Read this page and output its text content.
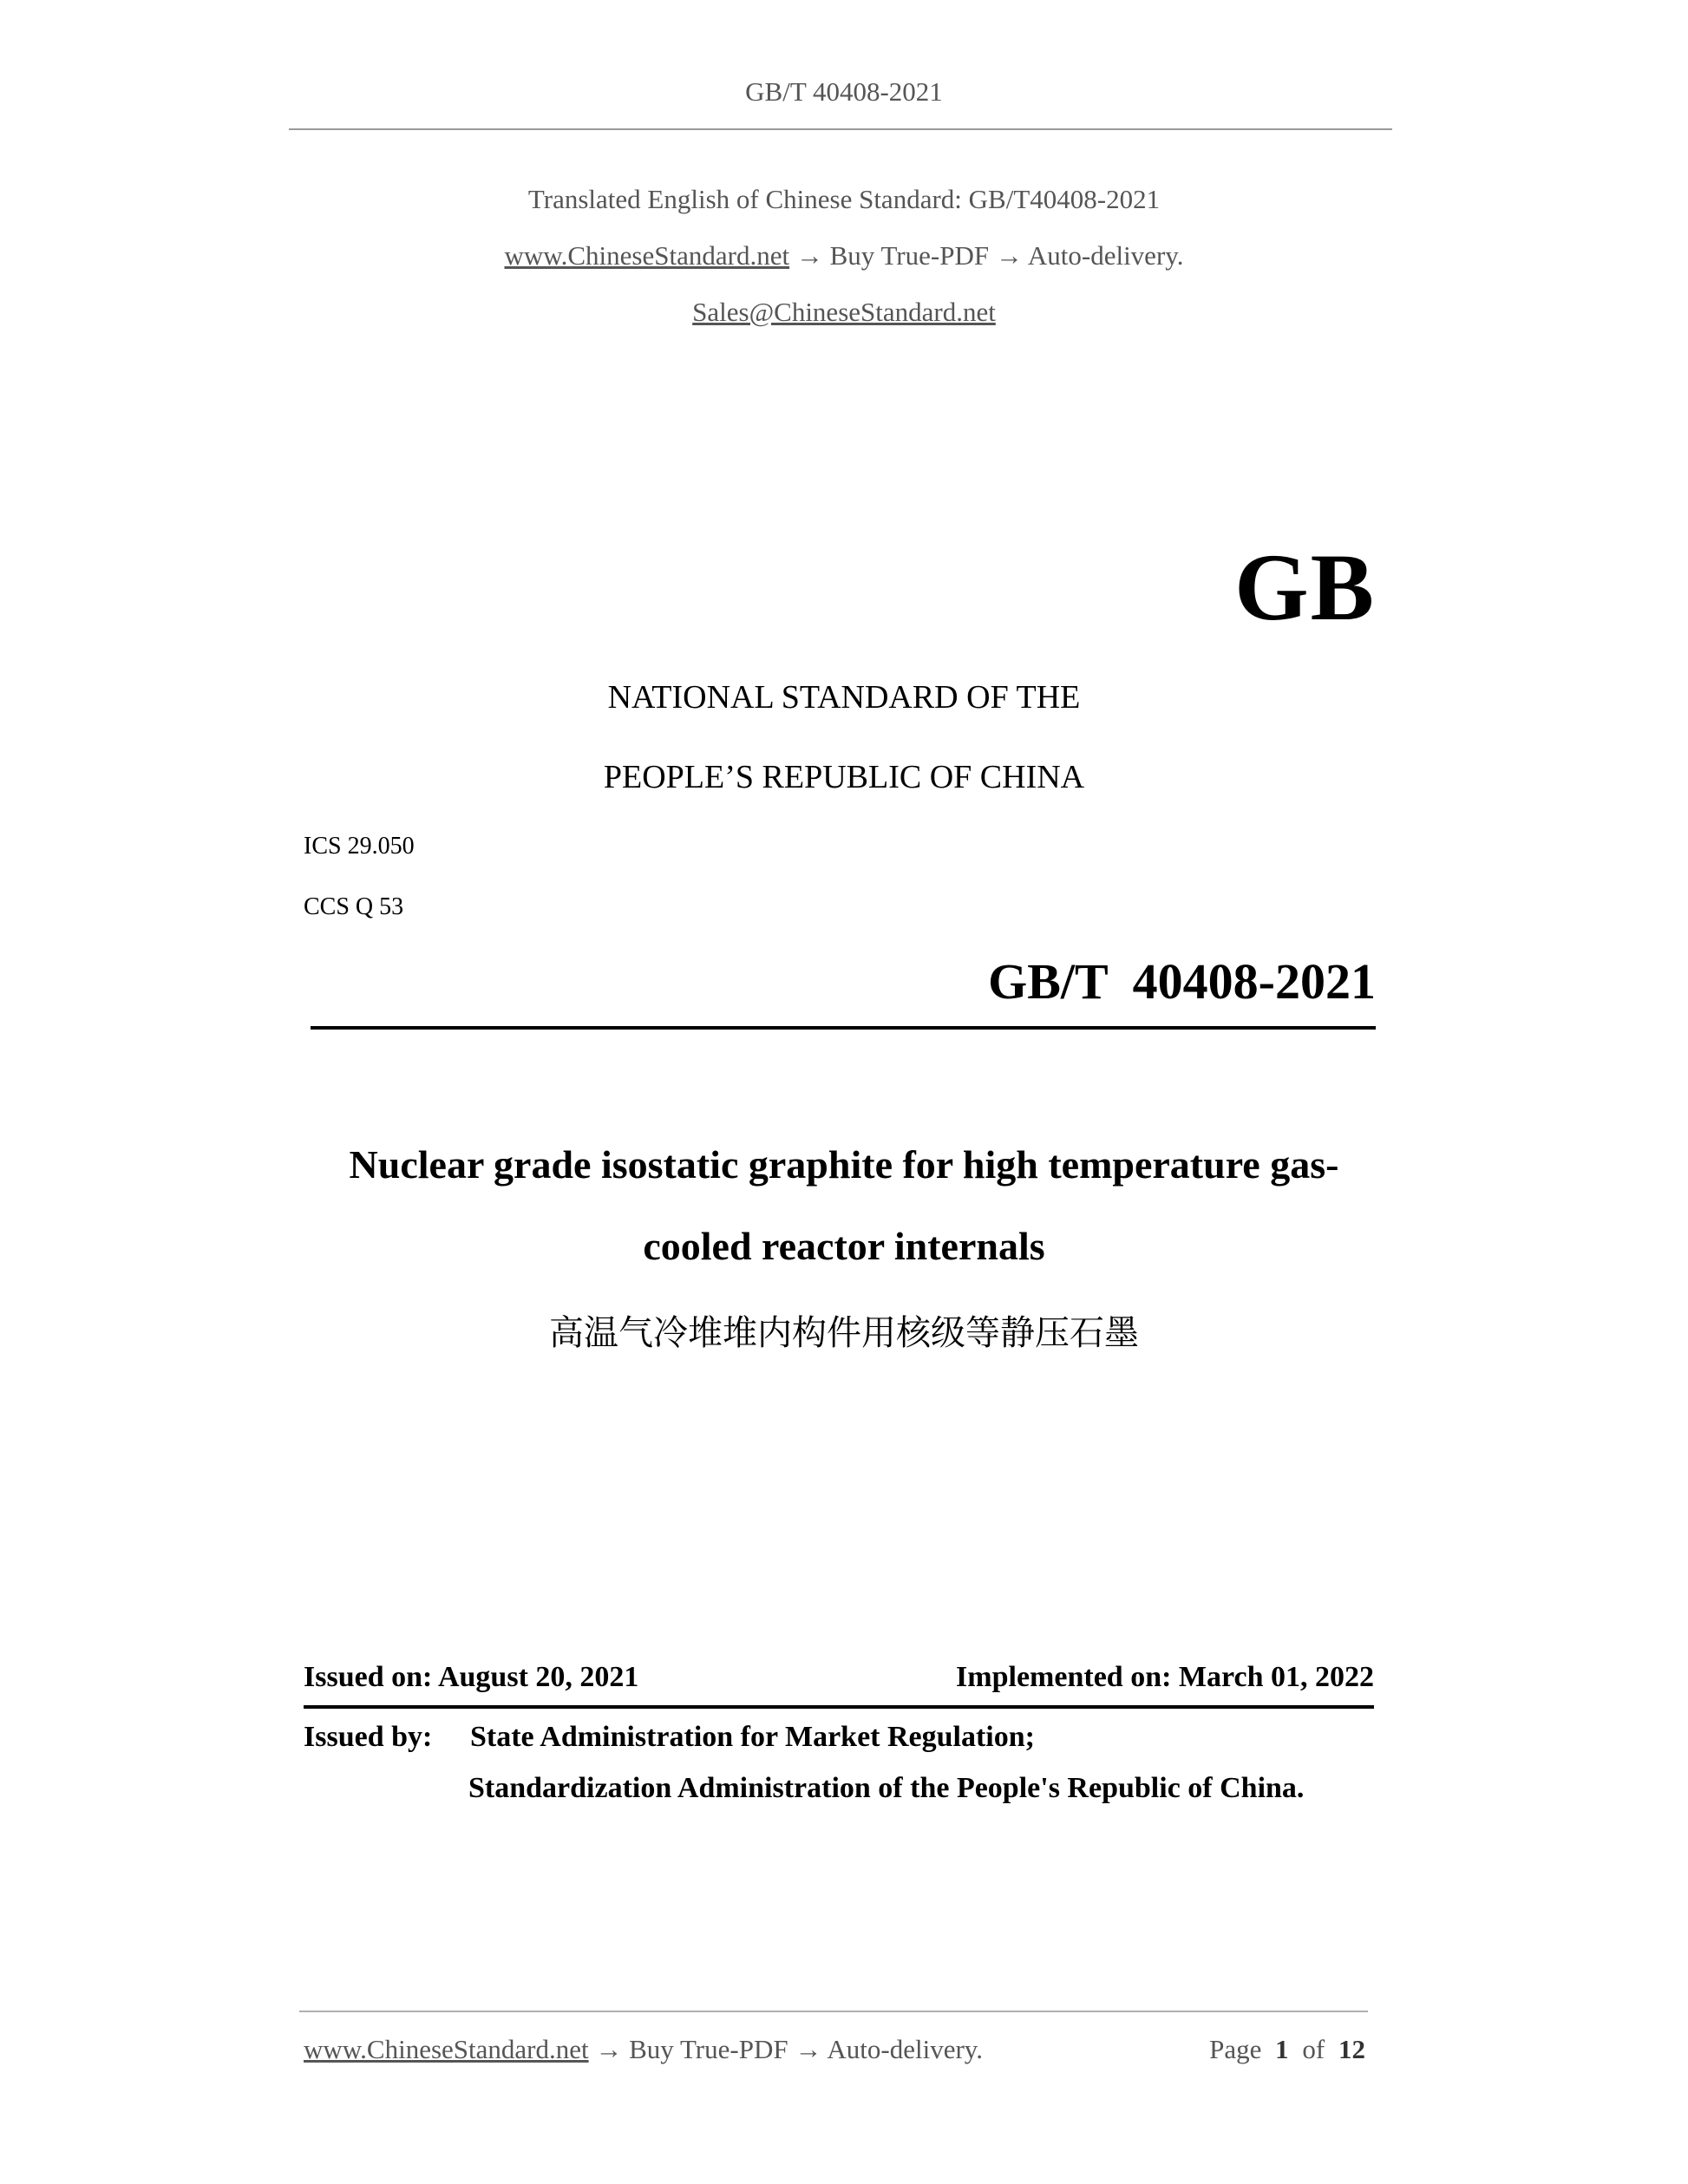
GB/T 40408-2021
Translated English of Chinese Standard: GB/T40408-2021
www.ChineseStandard.net → Buy True-PDF → Auto-delivery.
Sales@ChineseStandard.net
GB
NATIONAL STANDARD OF THE
PEOPLE’S REPUBLIC OF CHINA
ICS 29.050
CCS Q 53
GB/T  40408-2021
Nuclear grade isostatic graphite for high temperature gas-
cooled reactor internals
高温气冷堆堆内构件用核级等静压石墨
Issued on: August 20, 2021	Implemented on: March 01, 2022
Issued by: State Administration for Market Regulation;
Standardization Administration of the People's Republic of China.
www.ChineseStandard.net → Buy True-PDF → Auto-delivery.	Page 1 of 12
